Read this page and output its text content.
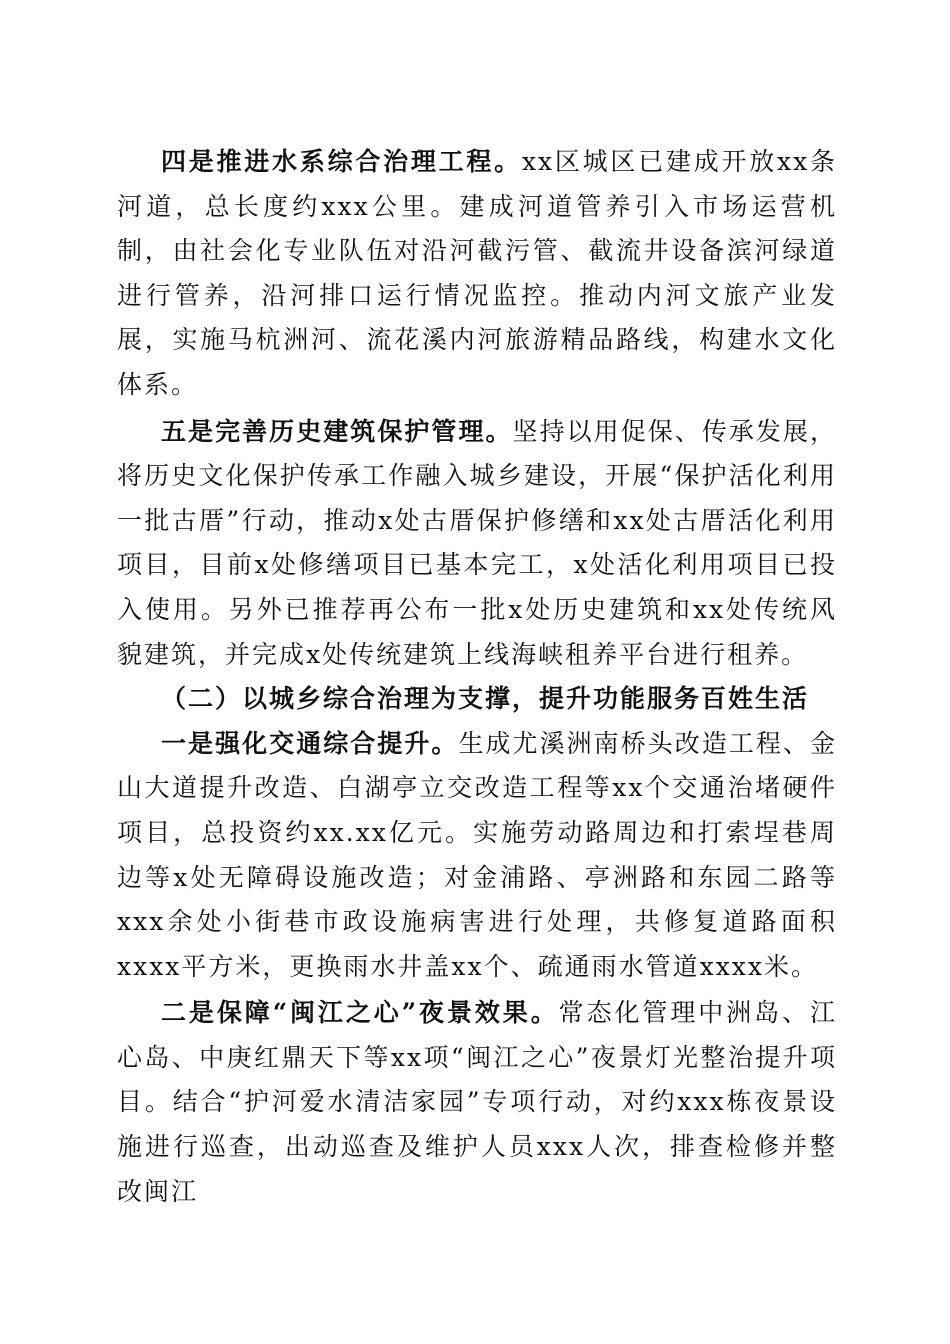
四是推进水系综合治理工程。xx区城区已建成开放xx条河道，总长度约xxx公里。建成河道管养引入市场运营机制，由社会化专业队伍对沿河截污管、截流井设备滨河绿道进行管养，沿河排口运行情况监控。推动内河文旅产业发展，实施马杭洲河、流花溪内河旅游精品路线，构建水文化体系。

五是完善历史建筑保护管理。坚持以用促保、传承发展，将历史文化保护传承工作融入城乡建设，开展“保护活化利用一批古厝”行动，推动x处古厝保护修缮和xx处古厝活化利用项目，目前x处修缮项目已基本完工，x处活化利用项目已投入使用。另外已推荐再公布一批x处历史建筑和xx处传统风貌建筑，并完成x处传统建筑上线海峡租养平台进行租养。

（二）以城乡综合治理为支撑，提升功能服务百姓生活

一是强化交通综合提升。生成尤溪洲南桥头改造工程、金山大道提升改造、白湖亭立交改造工程等xx个交通治堵硬件项目，总投资约xx.xx亿元。实施劳动路周边和打索埕巷周边等x处无障碍设施改造；对金浦路、亭洲路和东园二路等xxx余处小街巷市政设施病害进行处理，共修复道路面积xxxx平方米，更换雨水井盖xx个、疏通雨水管道xxxx米。

二是保障“闽江之心”夜景效果。常态化管理中洲岛、江心岛、中庚红鼎天下等xx项“闽江之心”夜景灯光整治提升项目。结合“护河爱水清洁家园”专项行动，对约xxx栋夜景设施进行巡查，出动巡查及维护人员xxx人次，排查检修并整改闽江
